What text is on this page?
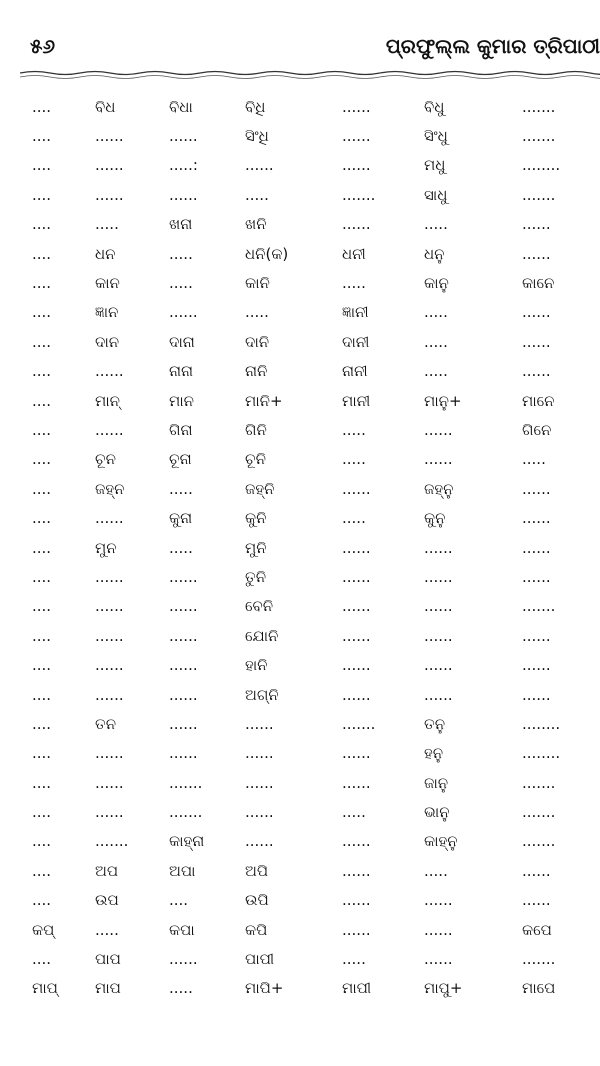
୫୬	ପ୍ରଫୁଲ୍ଲ କୁମାର ତ୍ରିପାଠୀ
....	ବିଧ	ବିଧା	ବିଧି	......	ବିଧୁ	.......
....	......	......	ସିଂଧି	......	ସିଂଧୁ	.......
....	......	.....:	......	......	ମଧୁ	........
....	......	......	.....	.......	ସାଧୁ	.......
....	.....	ଖନା	ଖନି	......	.....	......
....	ଧନ	.....	ଧନି(କ)	ଧନୀ	ଧନୁ	......
....	କାନ	.....	କାନି	.....	କାନୁ	କାନେ
....	ଜ୍ଞାନ	......	.....	ଜ୍ଞାନୀ	.....	......
....	ଦାନ	ଦାନା	ଦାନି	ଦାନୀ	.....	......
....	......	ନାନା	ନାନି	ନାନୀ	.....	......
....	ମାନ୍	ମାନ	ମାନି+	ମାନୀ	ମାନୁ+	ମାନେ
....	......	ଗିନା	ଗିନି	.....	......	ଗିନେ
....	ଚୂନ	ଚୂନା	ଚୂନି	.....	......	.....
....	ଜହ୍ନ	.....	ଜହ୍ନି	......	ଜହ୍ନୁ	......
....	......	କୁନା	କୁନି	.....	କୁନୁ	......
....	ମୁନ	.....	ମୁନି	......	......	......
....	......	......	ତୁନି	......	......	......
....	......	......	ବେନି	......	......	.......
....	......	......	ଯୋନି	......	......	......
....	......	......	ହାନି	......	......	......
....	......	......	ଅଗ୍ନି	......	......	......
....	ତନ	......	......	.......	ତନୁ	........
....	......	......	......	......	ହନୁ	........
....	......	.......	......	......	ଜାନୁ	.......
....	......	.......	......	.....	ଭାନୁ	.......
....	.......	କାହ୍ନା	......	......	କାହ୍ନୁ	.......
....	ଅପ	ଅପା	ଅପି	......	.....	......
....	ଉପ	....	ଉପି	......	......	......
କପ୍	.....	କପା	କପି	......	......	କପେ
....	ପାପ	......	ପାପୀ	.....	......	.......
ମାପ୍	ମାପ	.....	ମାପି+	ମାପୀ	ମାପୁ+	ମାପେ
